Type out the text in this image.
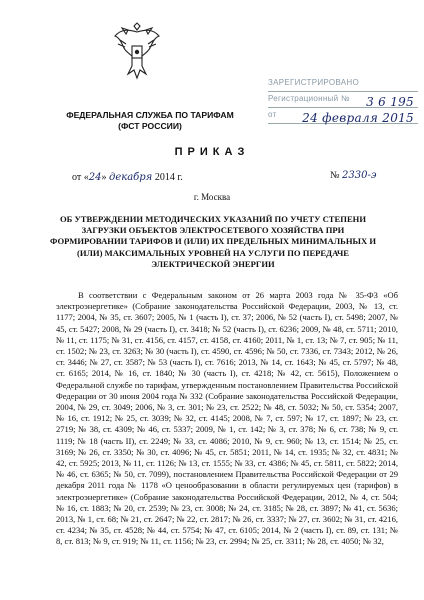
ЗАРЕГИСТРИРОВАНО
Регистрационный № 3 6 195
от 24 февраля 2015
ФЕДЕРАЛЬНАЯ СЛУЖБА ПО ТАРИФАМ
(ФСТ РОССИИ)
ПРИКАЗ
от «24» декабря 2014 г.	№ 2330-э
г. Москва
ОБ УТВЕРЖДЕНИИ МЕТОДИЧЕСКИХ УКАЗАНИЙ ПО УЧЕТУ СТЕПЕНИ ЗАГРУЗКИ ОБЪЕКТОВ ЭЛЕКТРОСЕТЕВОГО ХОЗЯЙСТВА ПРИ ФОРМИРОВАНИИ ТАРИФОВ И (ИЛИ) ИХ ПРЕДЕЛЬНЫХ МИНИМАЛЬНЫХ И (ИЛИ) МАКСИМАЛЬНЫХ УРОВНЕЙ НА УСЛУГИ ПО ПЕРЕДАЧЕ ЭЛЕКТРИЧЕСКОЙ ЭНЕРГИИ

В соответствии с Федеральным законом от 26 марта 2003 года № 35-ФЗ «Об электроэнергетике» (Собрание законодательства Российской Федерации, 2003, № 13, ст. 1177; 2004, № 35, ст. 3607; 2005, № 1 (часть I), ст. 37; 2006, № 52 (часть I), ст. 5498; 2007, № 45, ст. 5427; 2008, № 29 (часть I), ст. 3418; № 52 (часть I), ст. 6236; 2009, № 48, ст. 5711; 2010, № 11, ст. 1175; № 31, ст. 4156, ст. 4157, ст. 4158, ст. 4160; 2011, № 1, ст. 13; № 7, ст. 905; № 11, ст. 1502; № 23, ст. 3263; № 30 (часть I), ст. 4590, ст. 4596; № 50, ст. 7336, ст. 7343; 2012, № 26, ст. 3446; № 27, ст. 3587; № 53 (часть I), ст. 7616; 2013, № 14, ст. 1643; № 45, ст. 5797; № 48, ст. 6165; 2014, № 16, ст. 1840; № 30 (часть I), ст. 4218; № 42, ст. 5615), Положением о Федеральной службе по тарифам, утвержденным постановлением Правительства Российской Федерации от 30 июня 2004 года № 332 (Собрание законодательства Российской Федерации, 2004, № 29, ст. 3049; 2006, № 3, ст. 301; № 23, ст. 2522; № 48, ст. 5032; № 50, ст. 5354; 2007, № 16, ст. 1912; № 25, ст. 3039; № 32, ст. 4145; 2008, № 7, ст. 597; № 17, ст. 1897; № 23, ст. 2719; № 38, ст. 4309; № 46, ст. 5337; 2009, № 1, ст. 142; № 3, ст. 378; № 6, ст. 738; № 9, ст. 1119; № 18 (часть II), ст. 2249; № 33, ст. 4086; 2010, № 9, ст. 960; № 13, ст. 1514; № 25, ст. 3169; № 26, ст. 3350; № 30, ст. 4096; № 45, ст. 5851; 2011, № 14, ст. 1935; № 32, ст. 4831; № 42, ст. 5925; 2013, № 11, ст. 1126; № 13, ст. 1555; № 33, ст. 4386; № 45, ст. 5811, ст. 5822; 2014, № 46, ст. 6365; № 50, ст. 7099), постановлением Правительства Российской Федерации от 29 декабря 2011 года № 1178 «О ценообразовании в области регулируемых цен (тарифов) в электроэнергетике» (Собрание законодательства Российской Федерации, 2012, № 4, ст. 504; № 16, ст. 1883; № 20, ст. 2539; № 23, ст. 3008; № 24, ст. 3185; № 28, ст. 3897; № 41, ст. 5636; 2013, № 1, ст. 68; № 21, ст. 2647; № 22, ст. 2817; № 26, ст. 3337; № 27, ст. 3602; № 31, ст. 4216, ст. 4234; № 35, ст. 4528; № 44, ст. 5754; № 47, ст. 6105; 2014, № 2 (часть I), ст. 89, ст. 131; № 8, ст. 813; № 9, ст. 919; № 11, ст. 1156; № 23, ст. 2994; № 25, ст. 3311; № 28, ст. 4050; № 32,
